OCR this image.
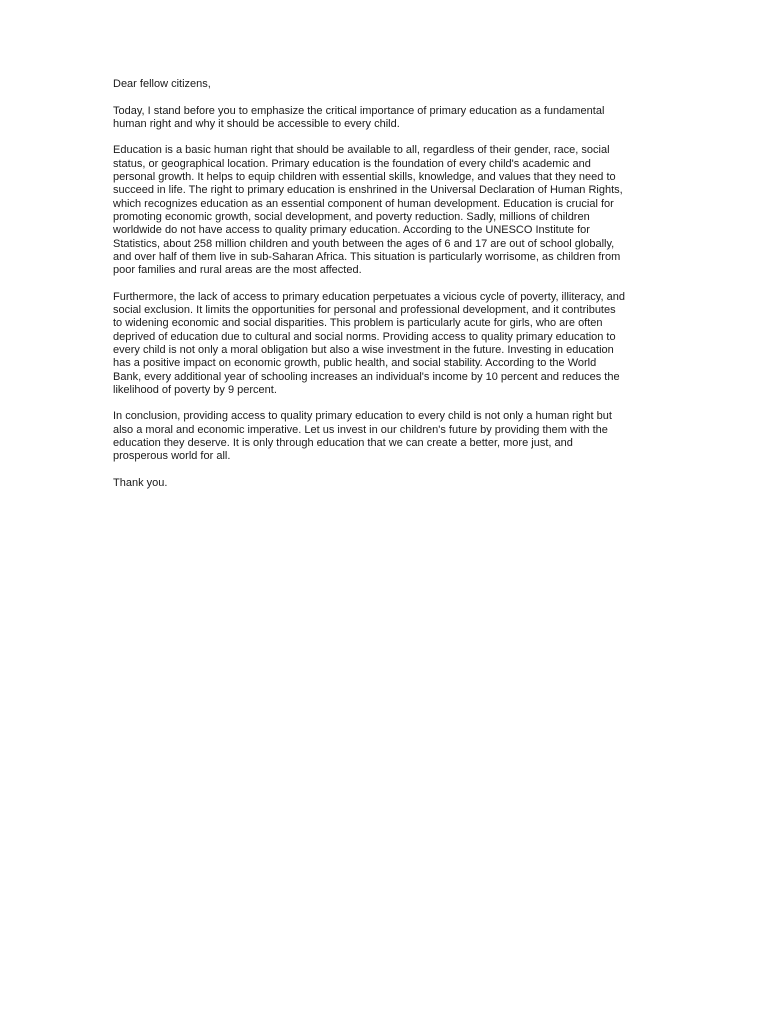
Dear fellow citizens,

Today, I stand before you to emphasize the critical importance of primary education as a fundamental
human right and why it should be accessible to every child.

Education is a basic human right that should be available to all, regardless of their gender, race, social
status, or geographical location. Primary education is the foundation of every child's academic and
personal growth. It helps to equip children with essential skills, knowledge, and values that they need to
succeed in life. The right to primary education is enshrined in the Universal Declaration of Human Rights,
which recognizes education as an essential component of human development. Education is crucial for
promoting economic growth, social development, and poverty reduction. Sadly, millions of children
worldwide do not have access to quality primary education. According to the UNESCO Institute for
Statistics, about 258 million children and youth between the ages of 6 and 17 are out of school globally,
and over half of them live in sub-Saharan Africa. This situation is particularly worrisome, as children from
poor families and rural areas are the most affected.

Furthermore, the lack of access to primary education perpetuates a vicious cycle of poverty, illiteracy, and
social exclusion. It limits the opportunities for personal and professional development, and it contributes
to widening economic and social disparities. This problem is particularly acute for girls, who are often
deprived of education due to cultural and social norms. Providing access to quality primary education to
every child is not only a moral obligation but also a wise investment in the future. Investing in education
has a positive impact on economic growth, public health, and social stability. According to the World
Bank, every additional year of schooling increases an individual's income by 10 percent and reduces the
likelihood of poverty by 9 percent.

In conclusion, providing access to quality primary education to every child is not only a human right but
also a moral and economic imperative. Let us invest in our children's future by providing them with the
education they deserve. It is only through education that we can create a better, more just, and
prosperous world for all.

Thank you.
